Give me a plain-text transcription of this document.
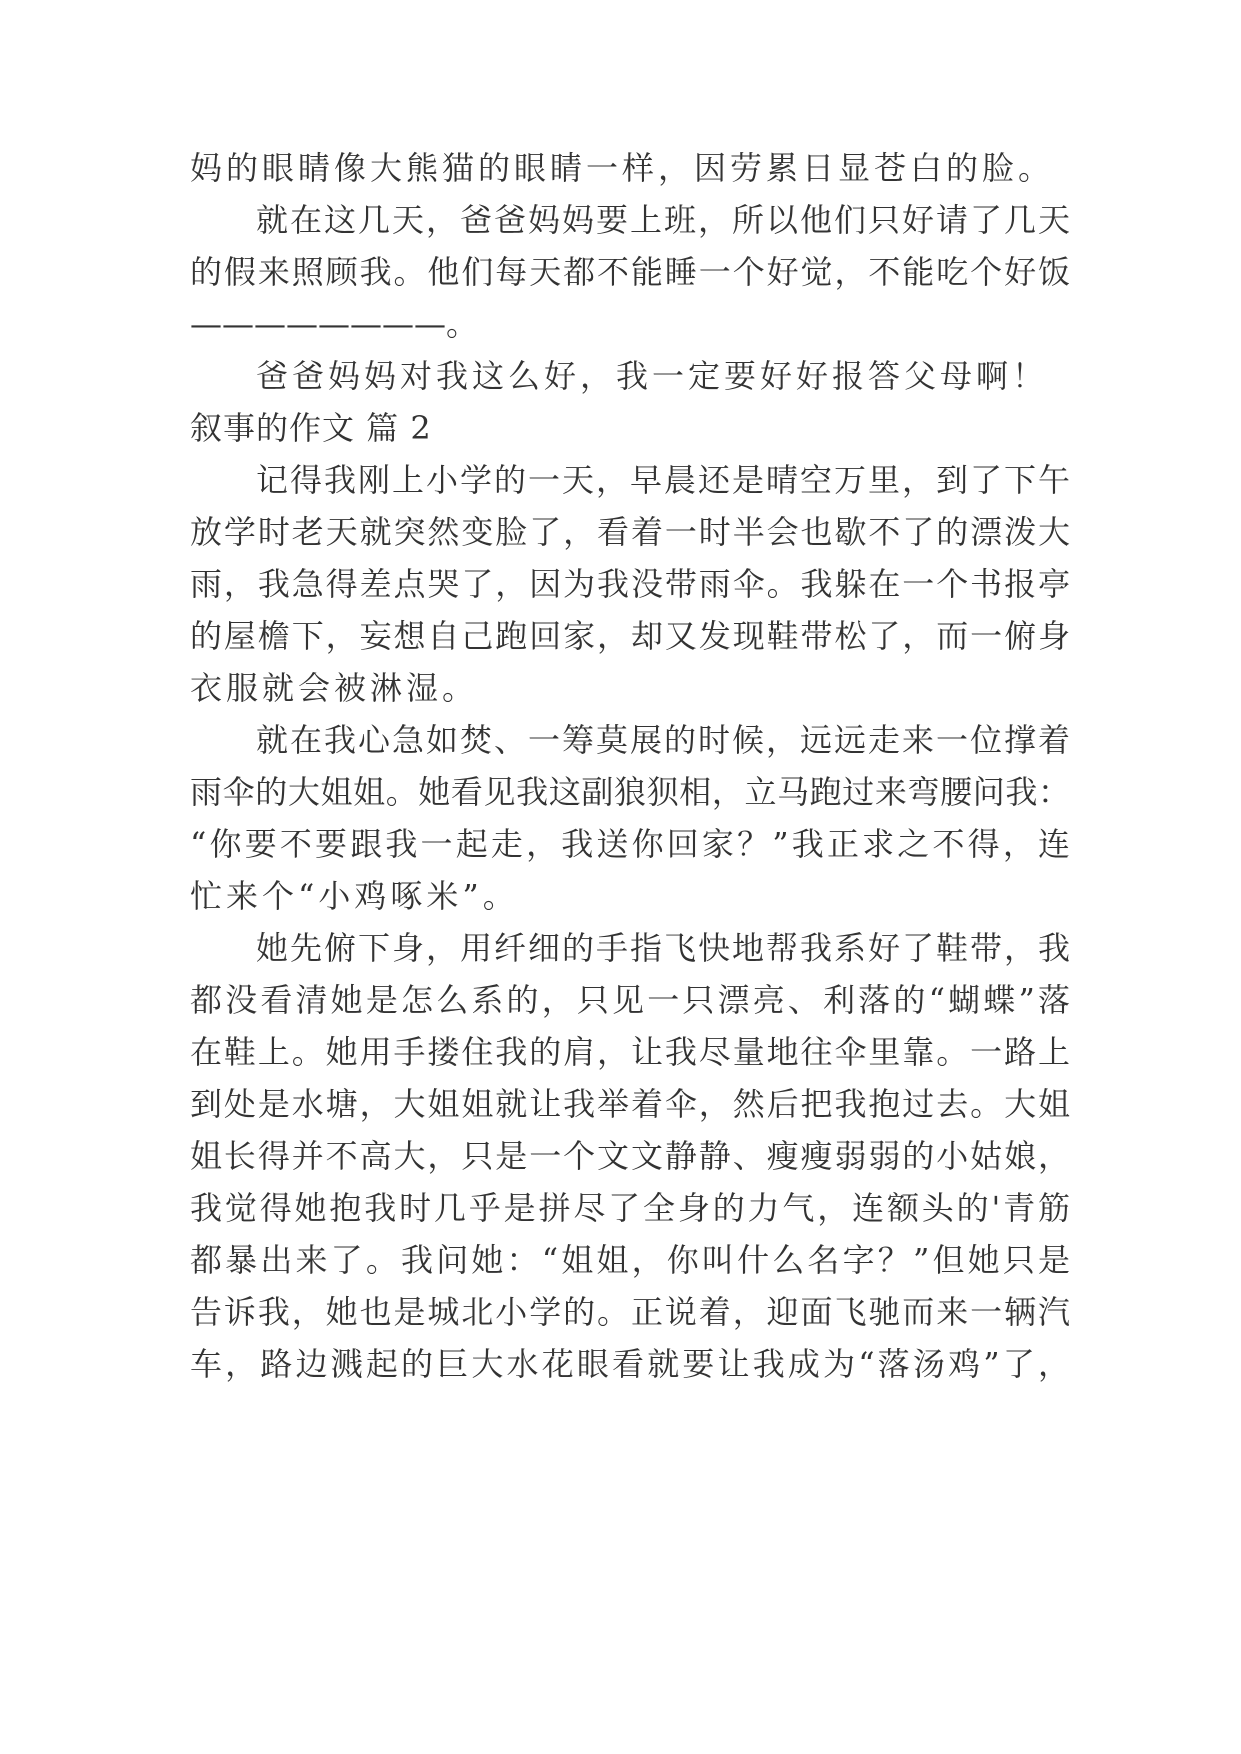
妈的眼睛像大熊猫的眼睛一样，因劳累日显苍白的脸。
就在这几天，爸爸妈妈要上班，所以他们只好请了几天
的假来照顾我。他们每天都不能睡一个好觉，不能吃个好饭
————————。
爸爸妈妈对我这么好，我一定要好好报答父母啊！
叙事的作文 篇 2
记得我刚上小学的一天，早晨还是晴空万里，到了下午
放学时老天就突然变脸了，看着一时半会也歇不了的漂泼大
雨，我急得差点哭了，因为我没带雨伞。我躲在一个书报亭
的屋檐下，妄想自己跑回家，却又发现鞋带松了，而一俯身
衣服就会被淋湿。
就在我心急如焚、一筹莫展的时候，远远走来一位撑着
雨伞的大姐姐。她看见我这副狼狈相，立马跑过来弯腰问我：
“你要不要跟我一起走，我送你回家？”我正求之不得，连
忙来个“小鸡啄米”。
她先俯下身，用纤细的手指飞快地帮我系好了鞋带，我
都没看清她是怎么系的，只见一只漂亮、利落的“蝴蝶”落
在鞋上。她用手搂住我的肩，让我尽量地往伞里靠。一路上
到处是水塘，大姐姐就让我举着伞，然后把我抱过去。大姐
姐长得并不高大，只是一个文文静静、瘦瘦弱弱的小姑娘，
我觉得她抱我时几乎是拼尽了全身的力气，连额头的'青筋
都暴出来了。我问她：“姐姐，你叫什么名字？”但她只是
告诉我，她也是城北小学的。正说着，迎面飞驰而来一辆汽
车，路边溅起的巨大水花眼看就要让我成为“落汤鸡”了，
